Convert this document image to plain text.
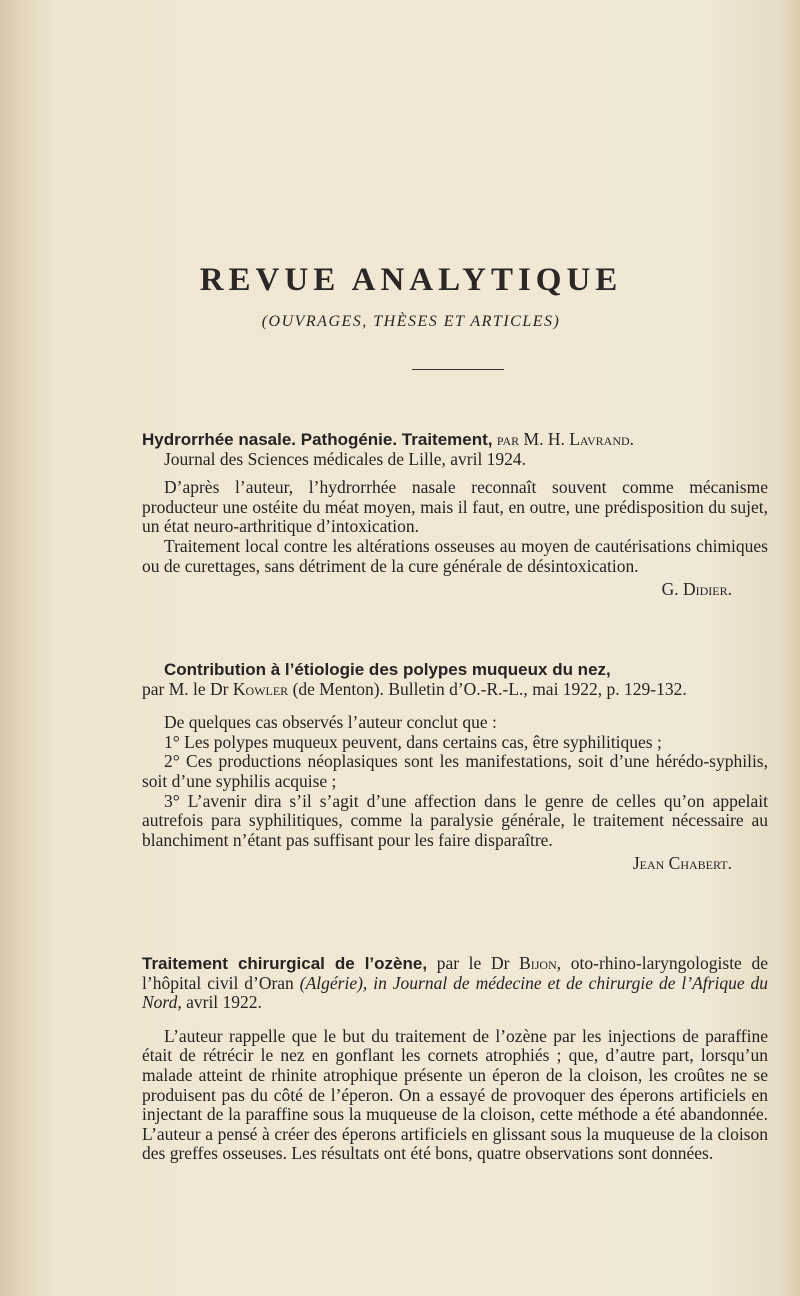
REVUE ANALYTIQUE
(OUVRAGES, THÈSES ET ARTICLES)

Hydrorrhée nasale. Pathogénie. Traitement, par M. H. Lavrand.

Journal des Sciences médicales de Lille, avril 1924.

D’après l’auteur, l’hydrorrhée nasale reconnaît souvent comme mécanisme producteur une ostéite du méat moyen, mais il faut, en outre, une prédisposition du sujet, un état neuro-arthritique d’intoxication.

Traitement local contre les altérations osseuses au moyen de cautérisations chimiques ou de curettages, sans détriment de la cure générale de désintoxication.

G. Didier.

Contribution à l’étiologie des polypes muqueux du nez,

par M. le Dr Kowler (de Menton). Bulletin d’O.-R.-L., mai 1922, p. 129-132.

De quelques cas observés l’auteur conclut que :

1° Les polypes muqueux peuvent, dans certains cas, être syphilitiques ;

2° Ces productions néoplasiques sont les manifestations, soit d’une hérédo-syphilis, soit d’une syphilis acquise ;

3° L’avenir dira s’il s’agit d’une affection dans le genre de celles qu’on appelait autrefois para syphilitiques, comme la paralysie générale, le traitement nécessaire au blanchiment n’étant pas suffisant pour les faire disparaître.

Jean Chabert.

Traitement chirurgical de l’ozène, par le Dr Bijon, oto-rhino-laryngologiste de l’hôpital civil d’Oran (Algérie), in Journal de médecine et de chirurgie de l’Afrique du Nord, avril 1922.

L’auteur rappelle que le but du traitement de l’ozène par les injections de paraffine était de rétrécir le nez en gonflant les cornets atrophiés ; que, d’autre part, lorsqu’un malade atteint de rhinite atrophique présente un éperon de la cloison, les croûtes ne se produisent pas du côté de l’éperon. On a essayé de provoquer des éperons artificiels en injectant de la paraffine sous la muqueuse de la cloison, cette méthode a été abandonnée. L’auteur a pensé à créer des éperons artificiels en glissant sous la muqueuse de la cloison des greffes osseuses. Les résultats ont été bons, quatre observations sont données.
